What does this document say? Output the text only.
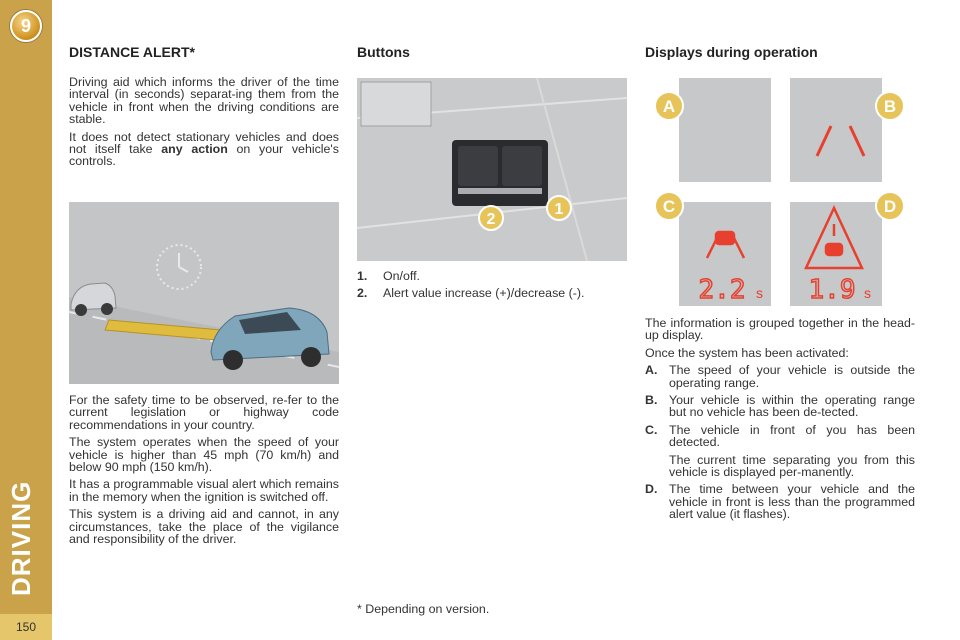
9
DRIVING
150
DISTANCE ALERT*

Driving aid which informs the driver of the time interval (in seconds) separat-ing them from the vehicle in front when the driving conditions are stable.

It does not detect stationary vehicles and does not itself take any action on your vehicle's controls.

For the safety time to be observed, re-fer to the current legislation or highway code recommendations in your country.

The system operates when the speed of your vehicle is higher than 45 mph (70 km/h) and below 90 mph (150 km/h).

It has a programmable visual alert which remains in the memory when the ignition is switched off.

This system is a driving aid and cannot, in any circumstances, take the place of the vigilance and responsibility of the driver.

Buttons
2
1
1.	On/off.
2.	Alert value increase (+)/decrease (-).
Displays during operation
A	B
C
2.2 s
D
1.9 s

The information is grouped together in the head-up display.

Once the system has been activated:

A. The speed of your vehicle is outside the operating range.
B. Your vehicle is within the operating range but no vehicle has been de-tected.
C. The vehicle in front of you has been detected.
The current time separating you from this vehicle is displayed per-manently.
D. The time between your vehicle and the vehicle in front is less than the programmed alert value (it flashes).
* Depending on version.
